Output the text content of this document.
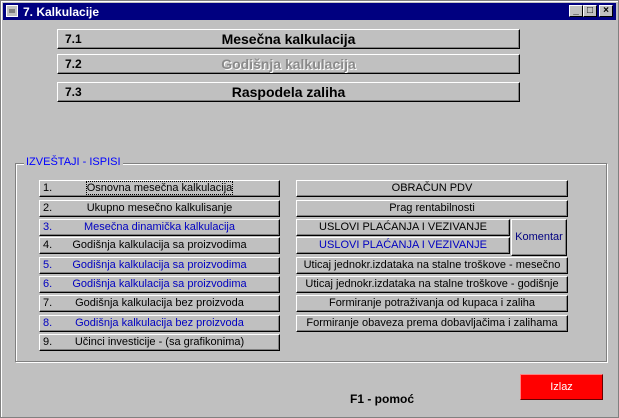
7. Kalkulacije	_ □	×
7.1	Mesečna kalkulacija
7.2	Godišnja kalkulacija
7.3	Raspodela zaliha
IZVEŠTAJI - ISPISI
1.	Osnovna mesečna kalkulacija
2.	Ukupno mesečno kalkulisanje
3.	Mesečna dinamička kalkulacija
4.	Godišnja kalkulacija sa proizvodima
5.	Godišnja kalkulacija sa proizvodima
6.	Godišnja kalkulacija sa proizvodima
7.	Godišnja kalkulacija bez proizvoda
8.	Godišnja kalkulacija bez proizvoda
9.	Učinci investicije - (sa grafikonima)
OBRAČUN PDV
Prag rentabilnosti
USLOVI PLAĆANJA I VEZIVANJE
USLOVI PLAĆANJA I VEZIVANJE
Komentar
Uticaj jednokr.izdataka na stalne troškove - mesečno
Uticaj jednokr.izdataka na stalne troškove - godišnje
Formiranje potraživanja od kupaca i zaliha
Formiranje obaveza prema dobavljačima i zalihama
Izlaz
F1 - pomoć
